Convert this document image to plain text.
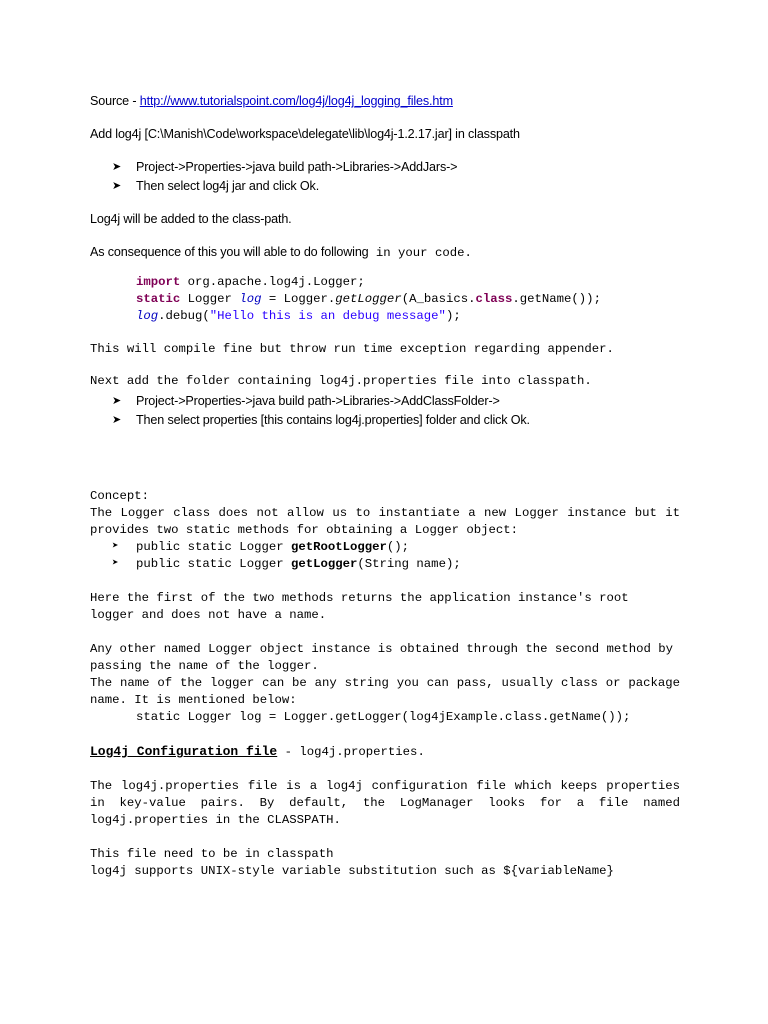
Source - http://www.tutorialspoint.com/log4j/log4j_logging_files.htm

Add log4j [C:\Manish\Code\workspace\delegate\lib\log4j-1.2.17.jar] in classpath

➤ Project->Properties->java build path->Libraries->AddJars->
➤ Then select log4j jar and click Ok.

Log4j will be added to the class-path.

As consequence of this you will able to do following in your code.

import org.apache.log4j.Logger;
static Logger log = Logger.getLogger(A_basics.class.getName());
log.debug("Hello this is an debug message");

This will compile fine but throw run time exception regarding appender.

Next add the folder containing log4j.properties file into classpath.

➤ Project->Properties->java build path->Libraries->AddClassFolder->
➤ Then select properties [this contains log4j.properties] folder and click Ok.

Concept:

The Logger class does not allow us to instantiate a new Logger instance but it provides two static methods for obtaining a Logger object:

➤ public static Logger getRootLogger();
➤ public static Logger getLogger(String name);

Here the first of the two methods returns the application instance's root logger and does not have a name.

Any other named Logger object instance is obtained through the second method by passing the name of the logger.

The name of the logger can be any string you can pass, usually class or package name. It is mentioned below:

static Logger log = Logger.getLogger(log4jExample.class.getName());

Log4j Configuration file - log4j.properties.

The log4j.properties file is a log4j configuration file which keeps properties in key-value pairs. By default, the LogManager looks for a file named log4j.properties in the CLASSPATH.

This file need to be in classpath

log4j supports UNIX-style variable substitution such as ${variableName}
